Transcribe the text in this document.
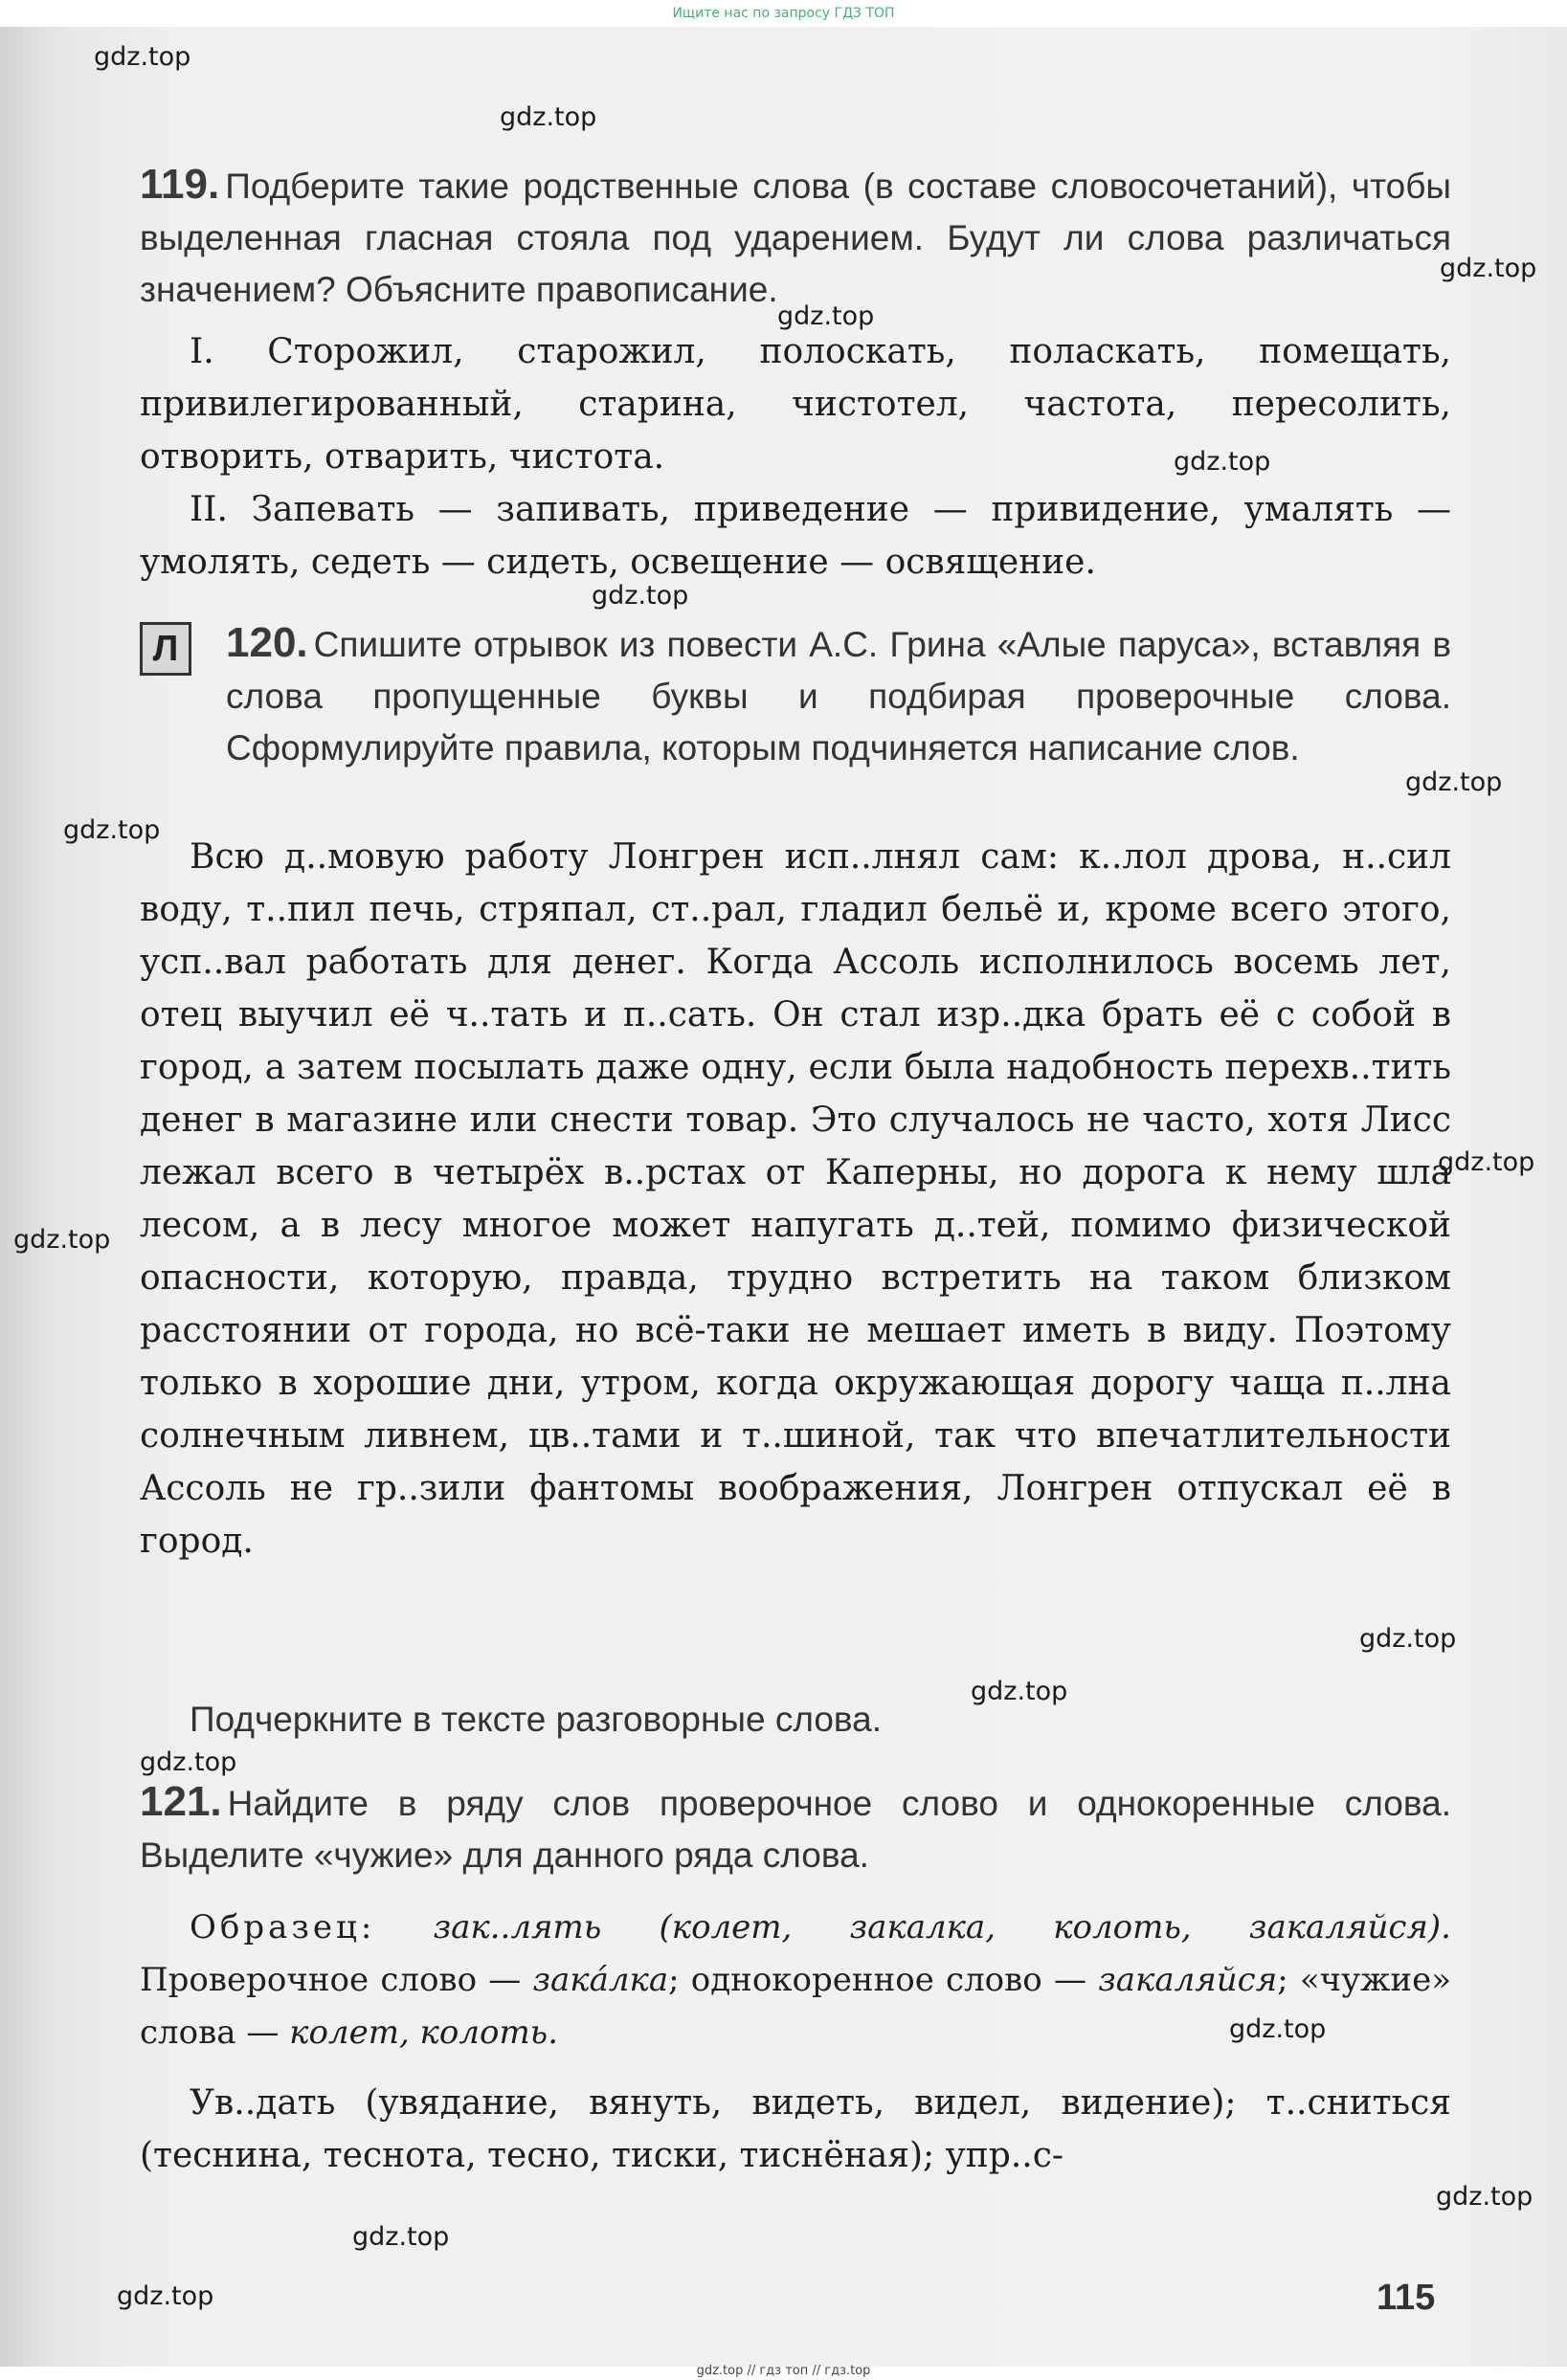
Ищите нас по запросу ГДЗ ТОП
gdz.top
gdz.top
gdz.top
gdz.top
gdz.top
gdz.top
gdz.top
gdz.top
gdz.top
gdz.top
gdz.top
gdz.top
gdz.top
gdz.top
gdz.top
gdz.top
gdz.top

119. Подберите такие родственные слова (в составе словосочетаний), чтобы выделенная гласная стояла под ударением. Будут ли слова различаться значением? Объясните правописание.

I. Сторожил, старожил, полоскать, поласкать, помещать, привилегированный, старина, чистотел, частота, пересолить, отворить, отварить, чистота.
II. Запевать — запивать, приведение — привидение, умалять — умолять, седеть — сидеть, освещение — освящение.
Л	120. Спишите отрывок из повести А.С. Грина «Алые паруса», вставляя в слова пропущенные буквы и подбирая проверочные слова. Сформулируйте правила, которым подчиняется написание слов.

Всю д..мовую работу Лонгрен исп..лнял сам: к..лол дрова, н..сил воду, т..пил печь, стряпал, ст..рал, гладил бельё и, кроме всего этого, усп..вал работать для денег. Когда Ассоль исполнилось восемь лет, отец выучил её ч..тать и п..сать. Он стал изр..дка брать её с собой в город, а затем посылать даже одну, если была надобность перехв..тить денег в магазине или снести товар. Это случалось не часто, хотя Лисс лежал всего в четырёх в..рстах от Каперны, но дорога к нему шла лесом, а в лесу многое может напугать д..тей, помимо физической опасности, которую, правда, трудно встретить на таком близком расстоянии от города, но всё-таки не мешает иметь в виду. Поэтому только в хорошие дни, утром, когда окружающая дорогу чаща п..лна солнечным ливнем, цв..тами и т..шиной, так что впечатлительности Ассоль не гр..зили фантомы воображения, Лонгрен отпускал её в город.
Подчеркните в тексте разговорные слова.

121. Найдите в ряду слов проверочное слово и однокоренные слова. Выделите «чужие» для данного ряда слова.

Образец: зак..лять (колет, закалка, колоть, закаляйся). Проверочное слово — закáлка; однокоренное слово — закаляйся; «чужие» слова — колет, колоть.
Ув..дать (увядание, вянуть, видеть, видел, видение); т..сниться (теснина, теснота, тесно, тиски, тиснёная); упр..с-
115
gdz.top // гдз топ // гдз.top
